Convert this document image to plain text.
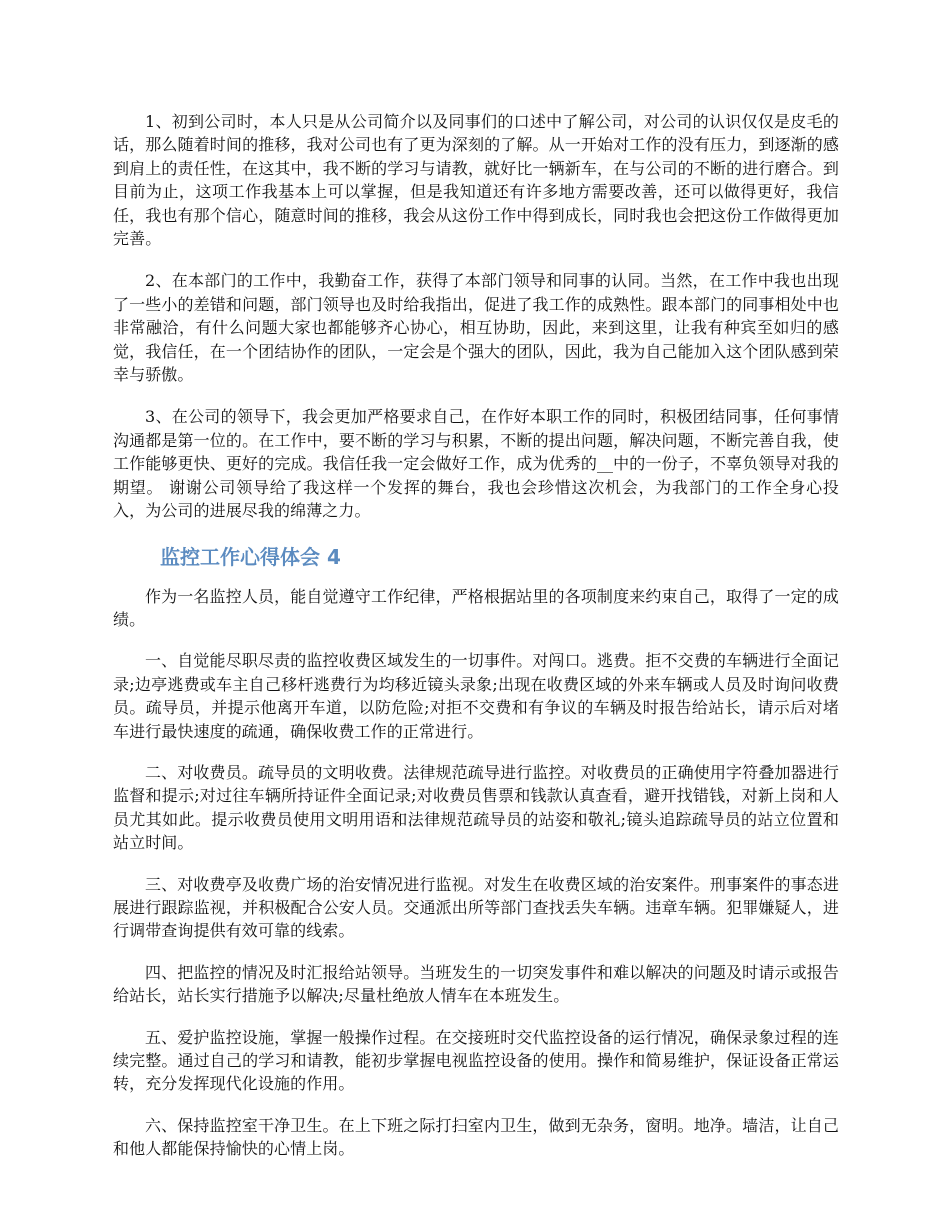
1、初到公司时，本人只是从公司简介以及同事们的口述中了解公司，对公司的认识仅仅是皮毛的话，那么随着时间的推移，我对公司也有了更为深刻的了解。从一开始对工作的没有压力，到逐渐的感到肩上的责任性，在这其中，我不断的学习与请教，就好比一辆新车，在与公司的不断的进行磨合。到目前为止，这项工作我基本上可以掌握，但是我知道还有许多地方需要改善，还可以做得更好，我信任，我也有那个信心，随意时间的推移，我会从这份工作中得到成长，同时我也会把这份工作做得更加完善。

2、在本部门的工作中，我勤奋工作，获得了本部门领导和同事的认同。当然，在工作中我也出现了一些小的差错和问题，部门领导也及时给我指出，促进了我工作的成熟性。跟本部门的同事相处中也非常融洽，有什么问题大家也都能够齐心协心，相互协助，因此，来到这里，让我有种宾至如归的感觉，我信任，在一个团结协作的团队，一定会是个强大的团队，因此，我为自己能加入这个团队感到荣幸与骄傲。

3、在公司的领导下，我会更加严格要求自己，在作好本职工作的同时，积极团结同事，任何事情沟通都是第一位的。在工作中，要不断的学习与积累，不断的提出问题，解决问题，不断完善自我，使工作能够更快、更好的完成。我信任我一定会做好工作，成为优秀的__中的一份子，不辜负领导对我的期望。 谢谢公司领导给了我这样一个发挥的舞台，我也会珍惜这次机会，为我部门的工作全身心投入，为公司的进展尽我的绵薄之力。

监控工作心得体会 4

作为一名监控人员，能自觉遵守工作纪律，严格根据站里的各项制度来约束自己，取得了一定的成绩。

一、自觉能尽职尽责的监控收费区域发生的一切事件。对闯口。逃费。拒不交费的车辆进行全面记录;边亭逃费或车主自己移杆逃费行为均移近镜头录象;出现在收费区域的外来车辆或人员及时询问收费员。疏导员，并提示他离开车道，以防危险;对拒不交费和有争议的车辆及时报告给站长，请示后对堵车进行最快速度的疏通，确保收费工作的正常进行。

二、对收费员。疏导员的文明收费。法律规范疏导进行监控。对收费员的正确使用字符叠加器进行监督和提示;对过往车辆所持证件全面记录;对收费员售票和钱款认真查看，避开找错钱，对新上岗和人员尤其如此。提示收费员使用文明用语和法律规范疏导员的站姿和敬礼;镜头追踪疏导员的站立位置和站立时间。

三、对收费亭及收费广场的治安情况进行监视。对发生在收费区域的治安案件。刑事案件的事态进展进行跟踪监视，并积极配合公安人员。交通派出所等部门查找丢失车辆。违章车辆。犯罪嫌疑人，进行调带查询提供有效可靠的线索。

四、把监控的情况及时汇报给站领导。当班发生的一切突发事件和难以解决的问题及时请示或报告给站长，站长实行措施予以解决;尽量杜绝放人情车在本班发生。

五、爱护监控设施，掌握一般操作过程。在交接班时交代监控设备的运行情况，确保录象过程的连续完整。通过自己的学习和请教，能初步掌握电视监控设备的使用。操作和简易维护，保证设备正常运转，充分发挥现代化设施的作用。

六、保持监控室干净卫生。在上下班之际打扫室内卫生，做到无杂务，窗明。地净。墙洁，让自己和他人都能保持愉快的心情上岗。
